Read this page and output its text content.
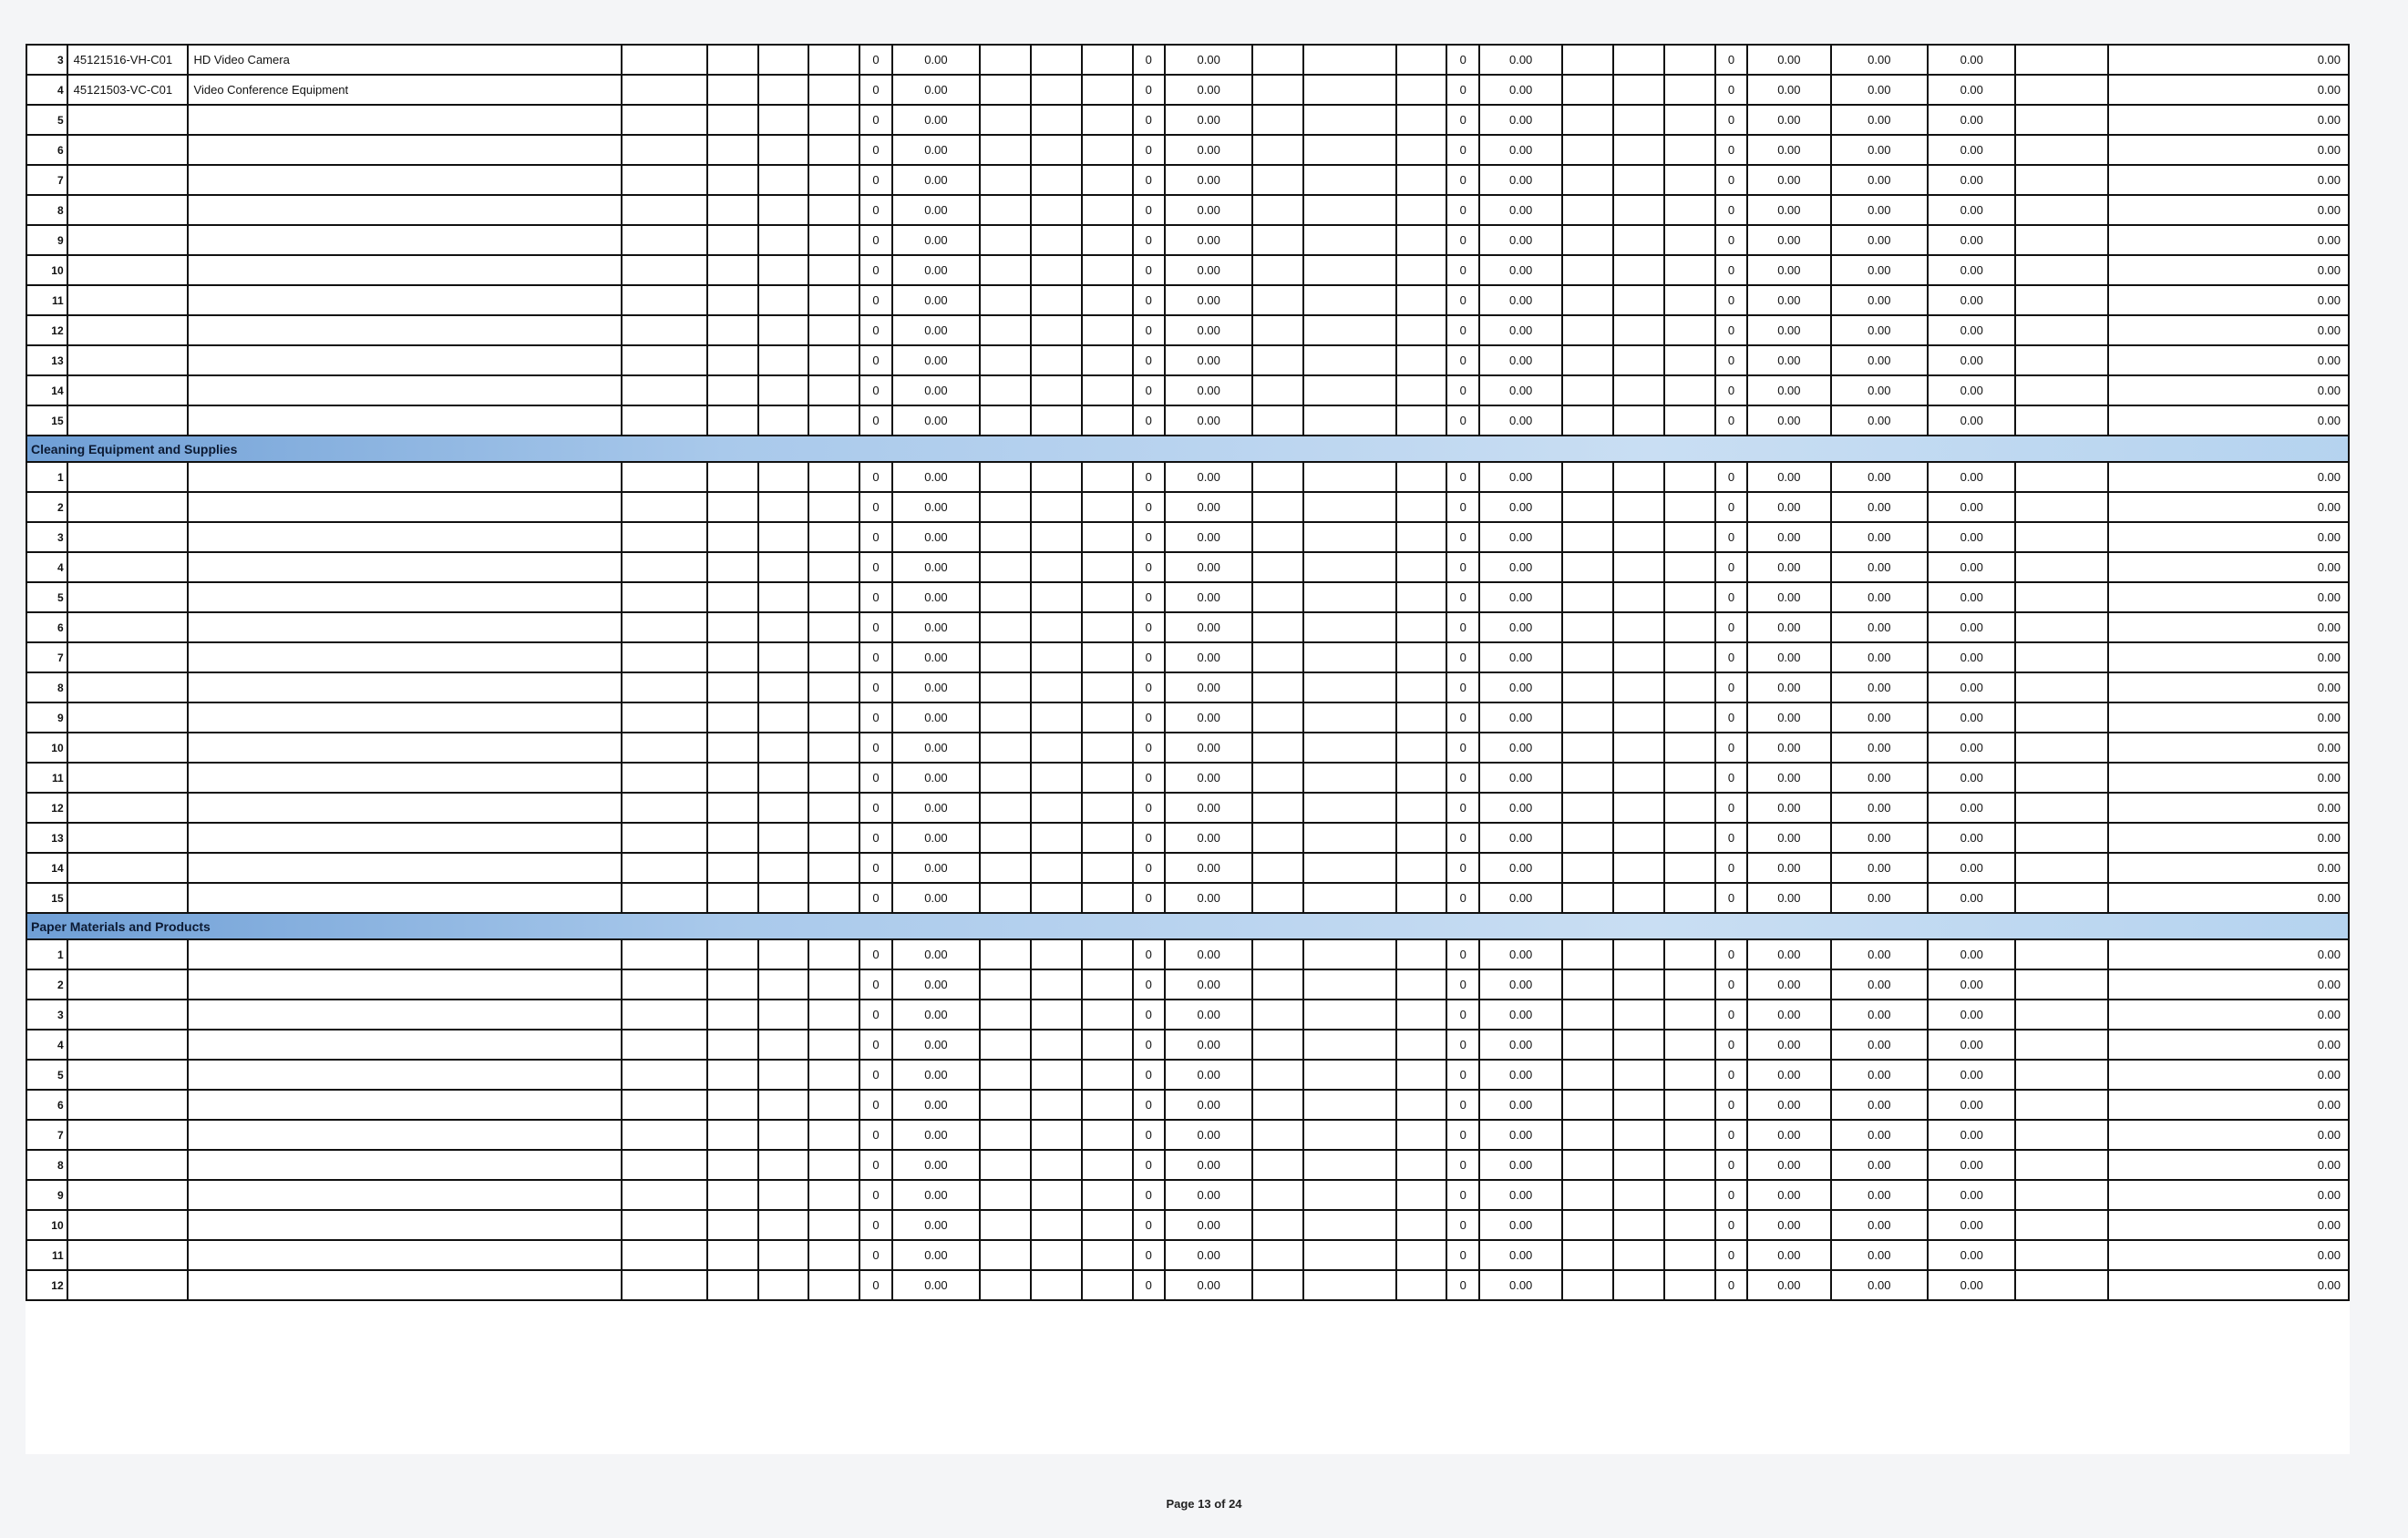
3	45121516-VH-C01	HD Video Camera					0	0.00				0	0.00				0	0.00				0	0.00	0.00	0.00		0.00
4	45121503-VC-C01	Video Conference Equipment					0	0.00				0	0.00				0	0.00				0	0.00	0.00	0.00		0.00
5							0	0.00				0	0.00				0	0.00				0	0.00	0.00	0.00		0.00
6							0	0.00				0	0.00				0	0.00				0	0.00	0.00	0.00		0.00
7							0	0.00				0	0.00				0	0.00				0	0.00	0.00	0.00		0.00
8							0	0.00				0	0.00				0	0.00				0	0.00	0.00	0.00		0.00
9							0	0.00				0	0.00				0	0.00				0	0.00	0.00	0.00		0.00
10							0	0.00				0	0.00				0	0.00				0	0.00	0.00	0.00		0.00
11							0	0.00				0	0.00				0	0.00				0	0.00	0.00	0.00		0.00
12							0	0.00				0	0.00				0	0.00				0	0.00	0.00	0.00		0.00
13							0	0.00				0	0.00				0	0.00				0	0.00	0.00	0.00		0.00
14							0	0.00				0	0.00				0	0.00				0	0.00	0.00	0.00		0.00
15							0	0.00				0	0.00				0	0.00				0	0.00	0.00	0.00		0.00
Cleaning Equipment and Supplies																											
1							0	0.00				0	0.00				0	0.00				0	0.00	0.00	0.00		0.00
2							0	0.00				0	0.00				0	0.00				0	0.00	0.00	0.00		0.00
3							0	0.00				0	0.00				0	0.00				0	0.00	0.00	0.00		0.00
4							0	0.00				0	0.00				0	0.00				0	0.00	0.00	0.00		0.00
5							0	0.00				0	0.00				0	0.00				0	0.00	0.00	0.00		0.00
6							0	0.00				0	0.00				0	0.00				0	0.00	0.00	0.00		0.00
7							0	0.00				0	0.00				0	0.00				0	0.00	0.00	0.00		0.00
8							0	0.00				0	0.00				0	0.00				0	0.00	0.00	0.00		0.00
9							0	0.00				0	0.00				0	0.00				0	0.00	0.00	0.00		0.00
10							0	0.00				0	0.00				0	0.00				0	0.00	0.00	0.00		0.00
11							0	0.00				0	0.00				0	0.00				0	0.00	0.00	0.00		0.00
12							0	0.00				0	0.00				0	0.00				0	0.00	0.00	0.00		0.00
13							0	0.00				0	0.00				0	0.00				0	0.00	0.00	0.00		0.00
14							0	0.00				0	0.00				0	0.00				0	0.00	0.00	0.00		0.00
15							0	0.00				0	0.00				0	0.00				0	0.00	0.00	0.00		0.00
Paper Materials and Products																											
1							0	0.00				0	0.00				0	0.00				0	0.00	0.00	0.00		0.00
2							0	0.00				0	0.00				0	0.00				0	0.00	0.00	0.00		0.00
3							0	0.00				0	0.00				0	0.00				0	0.00	0.00	0.00		0.00
4							0	0.00				0	0.00				0	0.00				0	0.00	0.00	0.00		0.00
5							0	0.00				0	0.00				0	0.00				0	0.00	0.00	0.00		0.00
6							0	0.00				0	0.00				0	0.00				0	0.00	0.00	0.00		0.00
7							0	0.00				0	0.00				0	0.00				0	0.00	0.00	0.00		0.00
8							0	0.00				0	0.00				0	0.00				0	0.00	0.00	0.00		0.00
9							0	0.00				0	0.00				0	0.00				0	0.00	0.00	0.00		0.00
10							0	0.00				0	0.00				0	0.00				0	0.00	0.00	0.00		0.00
11							0	0.00				0	0.00				0	0.00				0	0.00	0.00	0.00		0.00
12							0	0.00				0	0.00				0	0.00				0	0.00	0.00	0.00		0.00
Page 13 of 24
